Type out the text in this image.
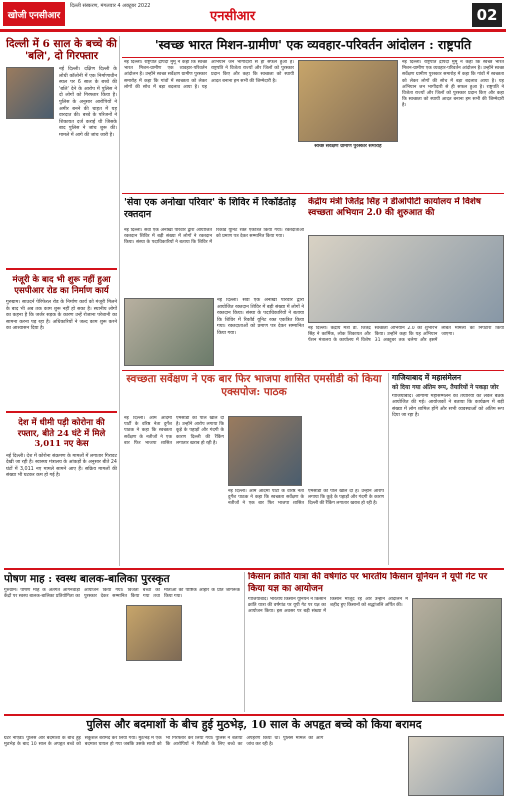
खोजी एनसीआर
दिल्ली संस्करण, मंगलवार 4 अक्टूबर 2022
एनसीआर	02
दिल्ली में 6 साल के बच्चे की 'बलि', दो गिरफ्तार
नई दिल्ली। दक्षिण दिल्ली के लोधी कॉलोनी में एक निर्माणाधीन स्थल पर 6 साल के बच्चे की 'बलि' देने के आरोप में पुलिस ने दो लोगों को गिरफ्तार किया है। पुलिस के अनुसार आरोपियों ने अमीर बनने की चाहत में यह वारदात की। बच्चे के परिजनों ने शिकायत दर्ज कराई थी जिसके बाद पुलिस ने जांच शुरू की। मामले में आगे की जांच जारी है।
मंजूरी के बाद भी शुरू नहीं हुआ एसपीआर रोड का निर्माण कार्य
गुरुग्राम। साउदर्न पेरिफेरल रोड के निर्माण कार्य को मंजूरी मिलने के बाद भी अब तक काम शुरू नहीं हो सका है। स्थानीय लोगों का कहना है कि जर्जर सड़क के कारण उन्हें रोजाना परेशानी का सामना करना पड़ रहा है। अधिकारियों ने जल्द काम शुरू करने का आश्वासन दिया है।
देश में धीमी पड़ी कोरोना की रफ्तार, बीते 24 घंटे में मिले 3,011 नए केस
नई दिल्ली। देश में कोरोना संक्रमण के मामलों में लगातार गिरावट देखी जा रही है। स्वास्थ्य मंत्रालय के आंकड़ों के अनुसार बीते 24 घंटों में 3,011 नए मामले सामने आए हैं। सक्रिय मामलों की संख्या भी घटकर कम हो गई है।
'स्वच्छ भारत मिशन-ग्रामीण' एक व्यवहार-परिवर्तन आंदोलन : राष्ट्रपति
नई दिल्ली। राष्ट्रपति द्रौपदी मुर्मू ने कहा कि स्वच्छ भारत मिशन-ग्रामीण एक व्यवहार-परिवर्तन आंदोलन है। उन्होंने स्वच्छ सर्वेक्षण ग्रामीण पुरस्कार समारोह में कहा कि गांवों में स्वच्छता को लेकर लोगों की सोच में बड़ा बदलाव आया है। यह अभियान जन भागीदारी से ही सफल हुआ है। राष्ट्रपति ने विजेता राज्यों और जिलों को पुरस्कार प्रदान किए और कहा कि स्वच्छता को स्थायी आदत बनाना हम सभी की जिम्मेदारी है।
स्वच्छ सर्वेक्षण ग्रामीण पुरस्कार समारोह
नई दिल्ली। राष्ट्रपति द्रौपदी मुर्मू ने कहा कि स्वच्छ भारत मिशन-ग्रामीण एक व्यवहार-परिवर्तन आंदोलन है। उन्होंने स्वच्छ सर्वेक्षण ग्रामीण पुरस्कार समारोह में कहा कि गांवों में स्वच्छता को लेकर लोगों की सोच में बड़ा बदलाव आया है। यह अभियान जन भागीदारी से ही सफल हुआ है। राष्ट्रपति ने विजेता राज्यों और जिलों को पुरस्कार प्रदान किए और कहा कि स्वच्छता को स्थायी आदत बनाना हम सभी की जिम्मेदारी है।
'सेवा एक अनोखा परिवार' के शिविर में रिकॉर्डतोड़ रक्तदान
नई दिल्ली। सेवा एक अनोखा परिवार द्वारा आयोजित रक्तदान शिविर में बड़ी संख्या में लोगों ने रक्तदान किया। संस्था के पदाधिकारियों ने बताया कि शिविर में रिकॉर्ड यूनिट रक्त एकत्रित किया गया। रक्तदाताओं को प्रमाण पत्र देकर सम्मानित किया गया।
नई दिल्ली। सेवा एक अनोखा परिवार द्वारा आयोजित रक्तदान शिविर में बड़ी संख्या में लोगों ने रक्तदान किया। संस्था के पदाधिकारियों ने बताया कि शिविर में रिकॉर्ड यूनिट रक्त एकत्रित किया गया। रक्तदाताओं को प्रमाण पत्र देकर सम्मानित किया गया।
केंद्रीय मंत्री जितेंद्र सिंह ने डीओपीटी कार्यालय में विशेष स्वच्छता अभियान 2.0 की शुरुआत की
नई दिल्ली। केंद्रीय मंत्री डॉ. जितेंद्र सिंह ने कार्मिक, लोक शिकायत और पेंशन मंत्रालय के कार्यालय में विशेष स्वच्छता अभियान 2.0 का शुभारंभ किया। उन्होंने कहा कि यह अभियान 31 अक्टूबर तक चलेगा और इसमें लंबित मामलों का निपटारा किया जाएगा।
स्वच्छता सर्वेक्षण ने एक बार फिर भाजपा शासित एमसीडी को किया एक्सपोज: पाठक
नई दिल्ली। आम आदमी पार्टी के वरिष्ठ नेता दुर्गेश पाठक ने कहा कि स्वच्छता सर्वेक्षण के नतीजों ने एक बार फिर भाजपा शासित एमसीडी की पोल खोल दी है। उन्होंने आरोप लगाया कि कूड़े के पहाड़ों और गंदगी के कारण दिल्ली की रैंकिंग लगातार खराब हो रही है।
नई दिल्ली। आम आदमी पार्टी के वरिष्ठ नेता दुर्गेश पाठक ने कहा कि स्वच्छता सर्वेक्षण के नतीजों ने एक बार फिर भाजपा शासित एमसीडी की पोल खोल दी है। उन्होंने आरोप लगाया कि कूड़े के पहाड़ों और गंदगी के कारण दिल्ली की रैंकिंग लगातार खराब हो रही है।
गाजियाबाद में महासंमेलन
को दिया गया अंतिम रूप, तैयारियों ने पकड़ा जोर
गाजियाबाद। आगामी महासम्मेलन की तैयारियों को लेकर बैठक आयोजित की गई। आयोजकों ने बताया कि कार्यक्रम में बड़ी संख्या में लोग शामिल होंगे और सभी व्यवस्थाओं को अंतिम रूप दिया जा रहा है।
पोषण माह : स्वस्थ बालक-बालिका पुरस्कृत
गुरुग्राम। पोषण माह के अंतर्गत आंगनवाड़ी केंद्रों पर स्वस्थ बालक-बालिका प्रतियोगिता का आयोजन किया गया। विजेता बच्चों को पुरस्कार देकर सम्मानित किया गया तथा माताओं को पौष्टिक आहार के प्रति जागरूक किया गया।
किसान क्रांति यात्रा की वर्षगांठ पर भारतीय किसान यूनियन ने यूपी गेट पर किया यज्ञ का आयोजन
गाजियाबाद। भारतीय किसान यूनियन ने किसान क्रांति यात्रा की वर्षगांठ पर यूपी गेट पर यज्ञ का आयोजन किया। इस अवसर पर बड़ी संख्या में किसान मौजूद रहे और उन्होंने आंदोलन में शहीद हुए किसानों को श्रद्धांजलि अर्पित की।
पुलिस और बदमाशों के बीच हुई मुठभेड़, 10 साल के अपहृत बच्चे को किया बरामद
ग्रेटर नोएडा। पुलिस और बदमाशों के बीच हुई मुठभेड़ के बाद 10 साल के अपहृत बच्चे को सकुशल बरामद कर लिया गया। मुठभेड़ में एक बदमाश घायल हो गया जबकि उसके साथी को भी गिरफ्तार कर लिया गया। पुलिस ने बताया कि आरोपियों ने फिरौती के लिए बच्चे का अपहरण किया था। पुलिस मामले की आगे जांच कर रही है।
